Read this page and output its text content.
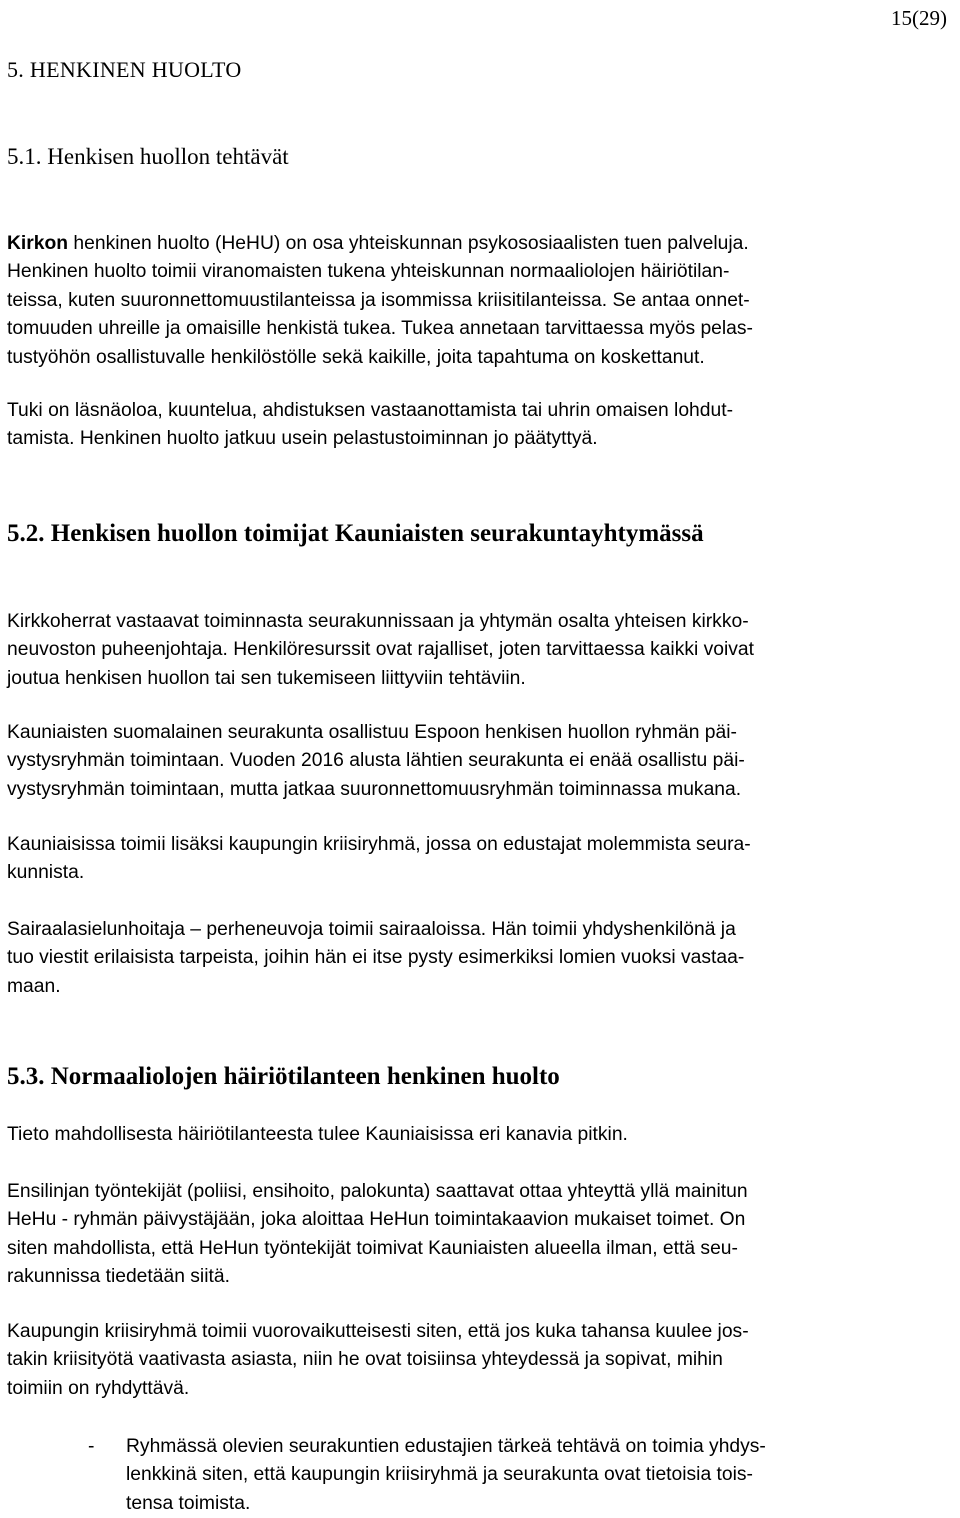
15(29)
5. HENKINEN HUOLTO
5.1. Henkisen huollon tehtävät
Kirkon henkinen huolto (HeHU) on osa yhteiskunnan psykososiaalisten tuen palveluja.
Henkinen huolto toimii viranomaisten tukena yhteiskunnan normaaliolojen häiriötilan-
teissa, kuten suuronnettomuustilanteissa ja isommissa kriisitilanteissa. Se antaa onnet-
tomuuden uhreille ja omaisille henkistä tukea. Tukea annetaan tarvittaessa myös pelas-
tustyöhön osallistuvalle henkilöstölle sekä kaikille, joita tapahtuma on koskettanut.
Tuki on läsnäoloa, kuuntelua, ahdistuksen vastaanottamista tai uhrin omaisen lohdut-
tamista. Henkinen huolto jatkuu usein pelastustoiminnan jo päätyttyä.
5.2. Henkisen huollon toimijat Kauniaisten seurakuntayhtymässä
Kirkkoherrat vastaavat toiminnasta seurakunnissaan ja yhtymän osalta yhteisen kirkko-
neuvoston puheenjohtaja. Henkilöresurssit ovat rajalliset, joten tarvittaessa kaikki voivat
joutua henkisen huollon tai sen tukemiseen liittyviin tehtäviin.
Kauniaisten suomalainen seurakunta osallistuu Espoon henkisen huollon ryhmän päi-
vystysryhmän toimintaan. Vuoden 2016 alusta lähtien seurakunta ei enää osallistu päi-
vystysryhmän toimintaan, mutta jatkaa suuronnettomuusryhmän toiminnassa mukana.
Kauniaisissa toimii lisäksi kaupungin kriisiryhmä, jossa on edustajat molemmista seura-
kunnista.
Sairaalasielunhoitaja – perheneuvoja toimii sairaaloissa. Hän toimii yhdyshenkilönä ja
tuo viestit erilaisista tarpeista, joihin hän ei itse pysty esimerkiksi lomien vuoksi vastaa-
maan.
5.3. Normaaliolojen häiriötilanteen henkinen huolto
Tieto mahdollisesta häiriötilanteesta tulee Kauniaisissa eri kanavia pitkin.
Ensilinjan työntekijät (poliisi, ensihoito, palokunta) saattavat ottaa yhteyttä yllä mainitun
HeHu - ryhmän päivystäjään, joka aloittaa HeHun toimintakaavion mukaiset toimet. On
siten mahdollista, että HeHun työntekijät toimivat Kauniaisten alueella ilman, että seu-
rakunnissa tiedetään siitä.
Kaupungin kriisiryhmä toimii vuorovaikutteisesti siten, että jos kuka tahansa kuulee jos-
takin kriisityötä vaativasta asiasta, niin he ovat toisiinsa yhteydessä ja sopivat, mihin
toimiin on ryhdyttävä.
- Ryhmässä olevien seurakuntien edustajien tärkeä tehtävä on toimia yhdys-
lenkkinä siten, että kaupungin kriisiryhmä ja seurakunta ovat tietoisia tois-
tensa toimista.
